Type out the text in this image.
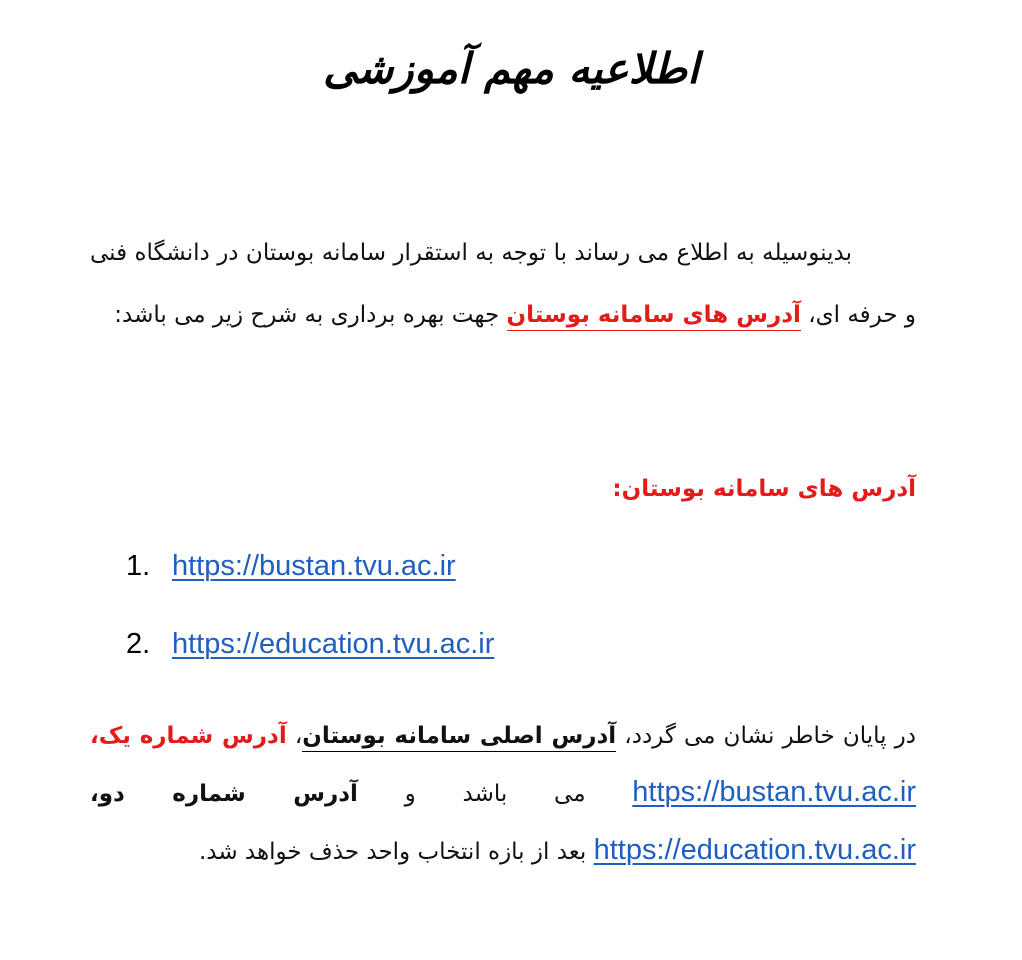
اطلاعیه مهم آموزشی
بدینوسیله به اطلاع می رساند با توجه به استقرار سامانه بوستان در دانشگاه فنی و حرفه ای، آدرس های سامانه بوستان جهت بهره برداری به شرح زیر می باشد:
آدرس های سامانه بوستان:
1. https://bustan.tvu.ac.ir
2. https://education.tvu.ac.ir
در پایان خاطر نشان می گردد، آدرس اصلی سامانه بوستان، آدرس شماره یک، https://bustan.tvu.ac.ir می باشد و آدرس شماره دو، https://education.tvu.ac.ir بعد از بازه انتخاب واحد حذف خواهد شد.
